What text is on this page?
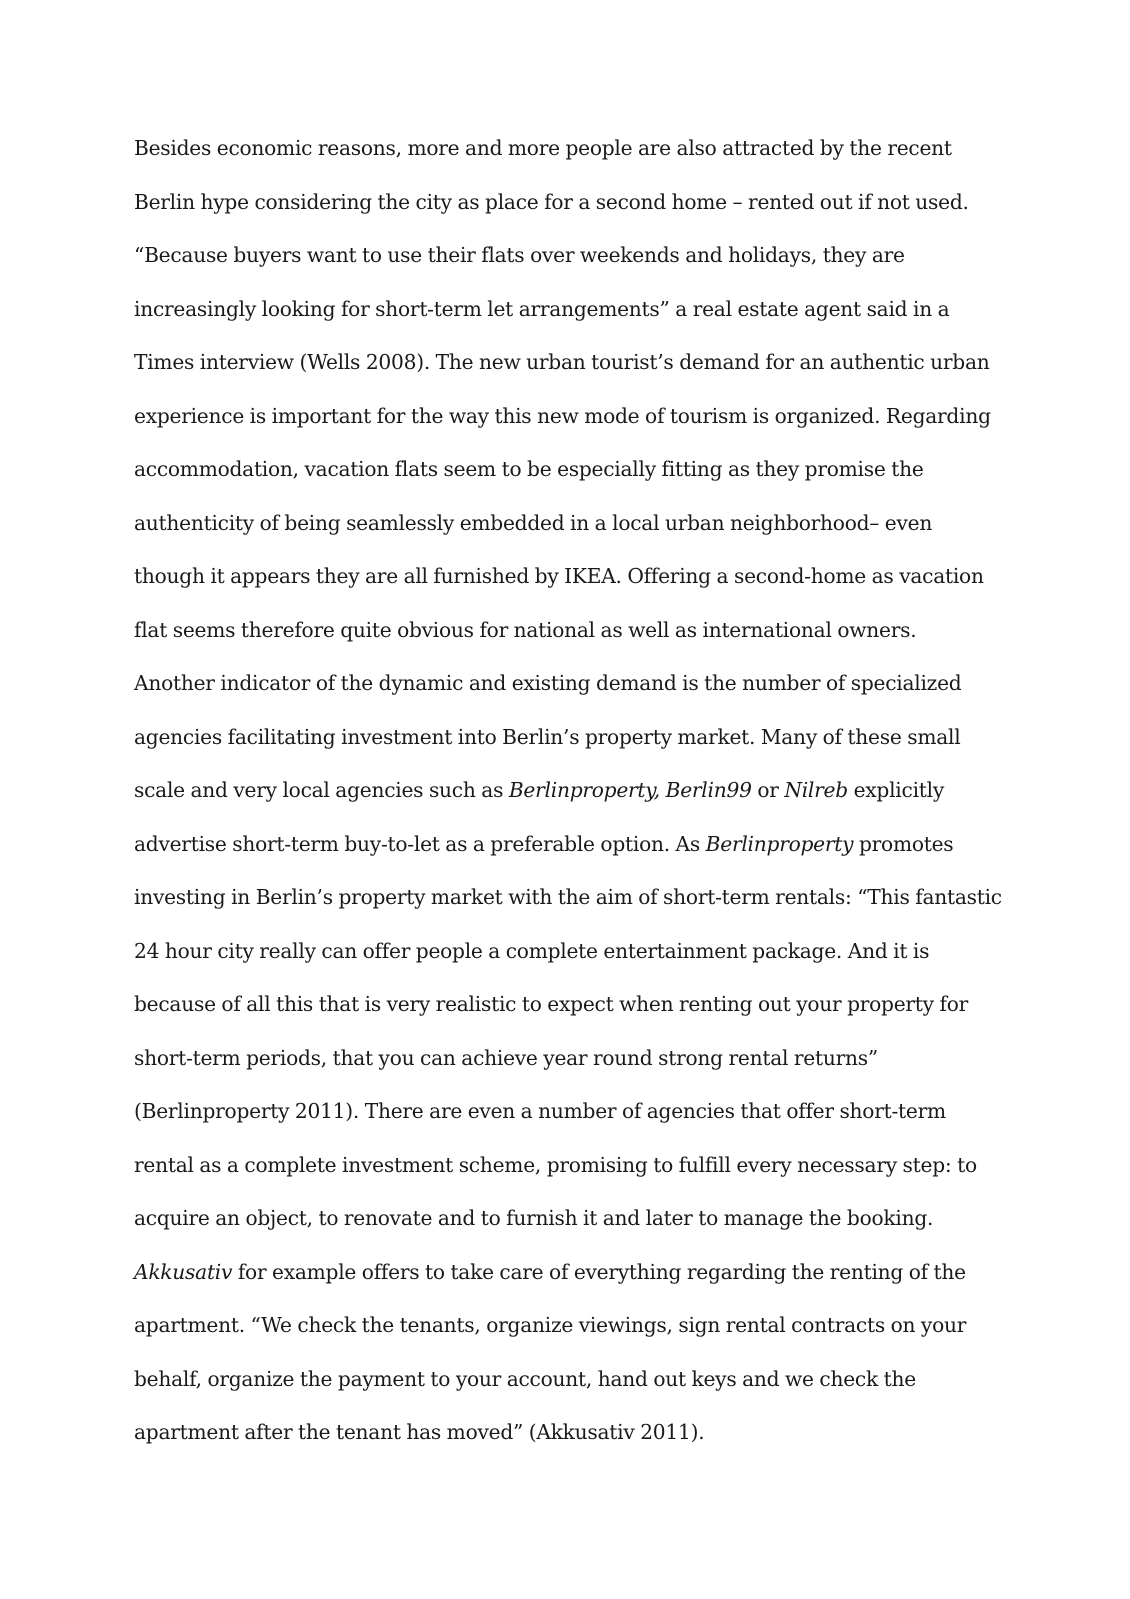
Besides economic reasons, more and more people are also attracted by the recent Berlin hype considering the city as place for a second home – rented out if not used. “Because buyers want to use their flats over weekends and holidays, they are increasingly looking for short-term let arrangements” a real estate agent said in a Times interview (Wells 2008). The new urban tourist’s demand for an authentic urban experience is important for the way this new mode of tourism is organized. Regarding accommodation, vacation flats seem to be especially fitting as they promise the authenticity of being seamlessly embedded in a local urban neighborhood– even though it appears they are all furnished by IKEA. Offering a second-home as vacation flat seems therefore quite obvious for national as well as international owners.

Another indicator of the dynamic and existing demand is the number of specialized agencies facilitating investment into Berlin’s property market. Many of these small scale and very local agencies such as Berlinproperty, Berlin99 or Nilreb explicitly advertise short-term buy-to-let as a preferable option. As Berlinproperty promotes investing in Berlin’s property market with the aim of short-term rentals: “This fantastic 24 hour city really can offer people a complete entertainment package. And it is because of all this that is very realistic to expect when renting out your property for short-term periods, that you can achieve year round strong rental returns” (Berlinproperty 2011). There are even a number of agencies that offer short-term rental as a complete investment scheme, promising to fulfill every necessary step: to acquire an object, to renovate and to furnish it and later to manage the booking. Akkusativ for example offers to take care of everything regarding the renting of the apartment. “We check the tenants, organize viewings, sign rental contracts on your behalf, organize the payment to your account, hand out keys and we check the apartment after the tenant has moved” (Akkusativ 2011).
